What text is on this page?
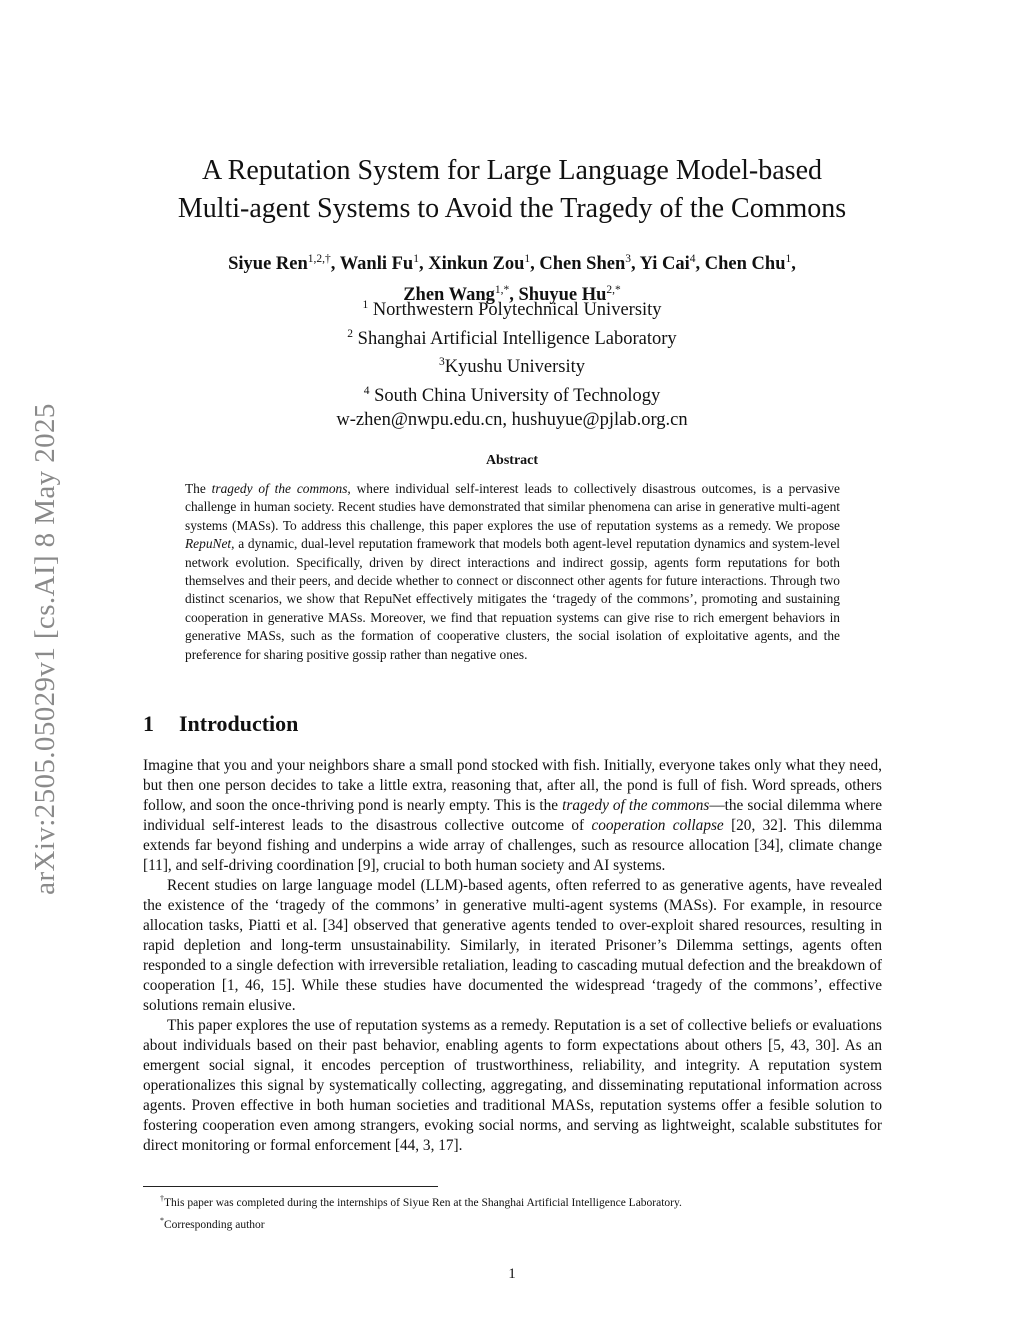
arXiv:2505.05029v1 [cs.AI] 8 May 2025
A Reputation System for Large Language Model-based
Multi-agent Systems to Avoid the Tragedy of the Commons
Siyue Ren$^{1,2,\dagger}$, Wanli Fu$^1$, Xinkun Zou$^1$, Chen Shen$^3$, Yi Cai$^4$, Chen Chu$^1$,
Zhen Wang$^{1,*}$, Shuyue $Hu^{2,*}$
$^1$ Northwestern Polytechnical University
$^2$ Shanghai Artificial Intelligence Laboratory
$^3$Kyushu University
$^4$ South China University of Technology
w-zhen@nwpu.edu.cn, hushuyue@pjlab.org.cn
Abstract
The tragedy of the commons, where individual self-interest leads to collectively disastrous outcomes, is a pervasive challenge in human society. Recent studies have demonstrated that similar phenomena can arise in generative multi-agent systems (MASs). To address this challenge, this paper explores the use of reputation systems as a remedy. We propose RepuNet, a dynamic, dual-level reputation framework that models both agent-level reputation dynamics and system-level network evolution. Specifically, driven by direct interactions and indirect gossip, agents form reputations for both themselves and their peers, and decide whether to connect or disconnect other agents for future interactions. Through two distinct scenarios, we show that RepuNet effectively mitigates the ‘tragedy of the commons’, promoting and sustaining cooperation in generative MASs. Moreover, we find that repuation systems can give rise to rich emergent behaviors in generative MASs, such as the formation of cooperative clusters, the social isolation of exploitative agents, and the preference for sharing positive gossip rather than negative ones.
1 Introduction

Imagine that you and your neighbors share a small pond stocked with fish. Initially, everyone takes only what they need, but then one person decides to take a little extra, reasoning that, after all, the pond is full of fish. Word spreads, others follow, and soon the once-thriving pond is nearly empty. This is the tragedy of the commons—the social dilemma where individual self-interest leads to the disastrous collective outcome of cooperation collapse [20, 32]. This dilemma extends far beyond fishing and underpins a wide array of challenges, such as resource allocation [34], climate change [11], and self-driving coordination [9], crucial to both human society and AI systems.

Recent studies on large language model (LLM)-based agents, often referred to as generative agents, have revealed the existence of the ‘tragedy of the commons’ in generative multi-agent systems (MASs). For example, in resource allocation tasks, Piatti et al. [34] observed that generative agents tended to over-exploit shared resources, resulting in rapid depletion and long-term unsustainability. Similarly, in iterated Prisoner’s Dilemma settings, agents often responded to a single defection with irreversible retaliation, leading to cascading mutual defection and the breakdown of cooperation [1, 46, 15]. While these studies have documented the widespread ‘tragedy of the commons’, effective solutions remain elusive.

This paper explores the use of reputation systems as a remedy. Reputation is a set of collective beliefs or evaluations about individuals based on their past behavior, enabling agents to form expectations about others [5, 43, 30]. As an emergent social signal, it encodes perception of trustworthiness, reliability, and integrity. A reputation system operationalizes this signal by systematically collecting, aggregating, and disseminating reputational information across agents. Proven effective in both human societies and traditional MASs, reputation systems offer a fesible solution to fostering cooperation even among strangers, evoking social norms, and serving as lightweight, scalable substitutes for direct monitoring or formal enforcement [44, 3, 17].

†This paper was completed during the internships of Siyue Ren at the Shanghai Artificial Intelligence Laboratory.
*Corresponding author
1
